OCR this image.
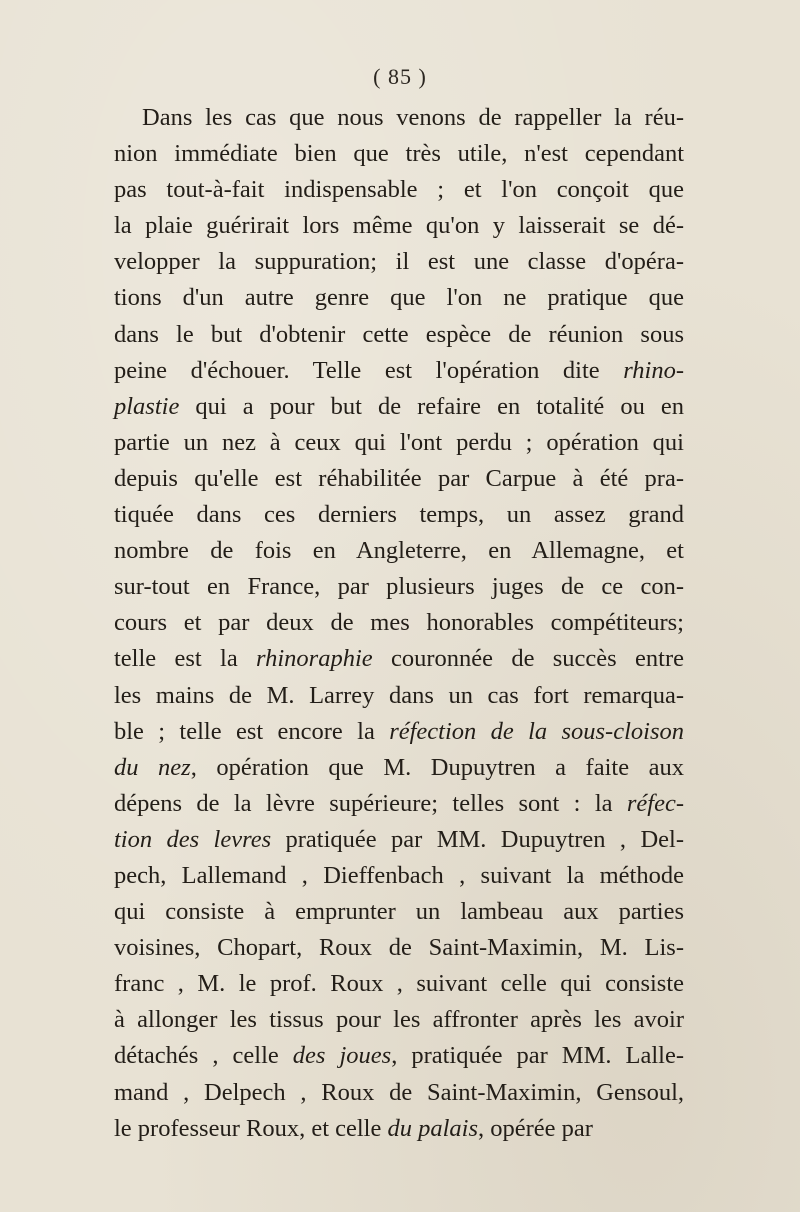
( 85 )
Dans les cas que nous venons de rappeller la réu-
nion immédiate bien que très utile, n'est cependant
pas tout-à-fait indispensable ; et l'on conçoit que
la plaie guérirait lors même qu'on y laisserait se dé-
velopper la suppuration; il est une classe d'opéra-
tions d'un autre genre que l'on ne pratique que
dans le but d'obtenir cette espèce de réunion sous
peine d'échouer. Telle est l'opération dite rhino-
plastie qui a pour but de refaire en totalité ou en
partie un nez à ceux qui l'ont perdu ; opération qui
depuis qu'elle est réhabilitée par Carpue à été pra-
tiquée dans ces derniers temps, un assez grand
nombre de fois en Angleterre, en Allemagne, et
sur-tout en France, par plusieurs juges de ce con-
cours et par deux de mes honorables compétiteurs;
telle est la rhinoraphie couronnée de succès entre
les mains de M. Larrey dans un cas fort remarqua-
ble ; telle est encore la réfection de la sous-cloison
du nez, opération que M. Dupuytren a faite aux
dépens de la lèvre supérieure; telles sont : la réfec-
tion des levres pratiquée par MM. Dupuytren , Del-
pech, Lallemand , Dieffenbach , suivant la méthode
qui consiste à emprunter un lambeau aux parties
voisines, Chopart, Roux de Saint-Maximin, M. Lis-
franc , M. le prof. Roux , suivant celle qui consiste
à allonger les tissus pour les affronter après les avoir
détachés , celle des joues, pratiquée par MM. Lalle-
mand , Delpech , Roux de Saint-Maximin, Gensoul,
le professeur Roux, et celle du palais, opérée par
